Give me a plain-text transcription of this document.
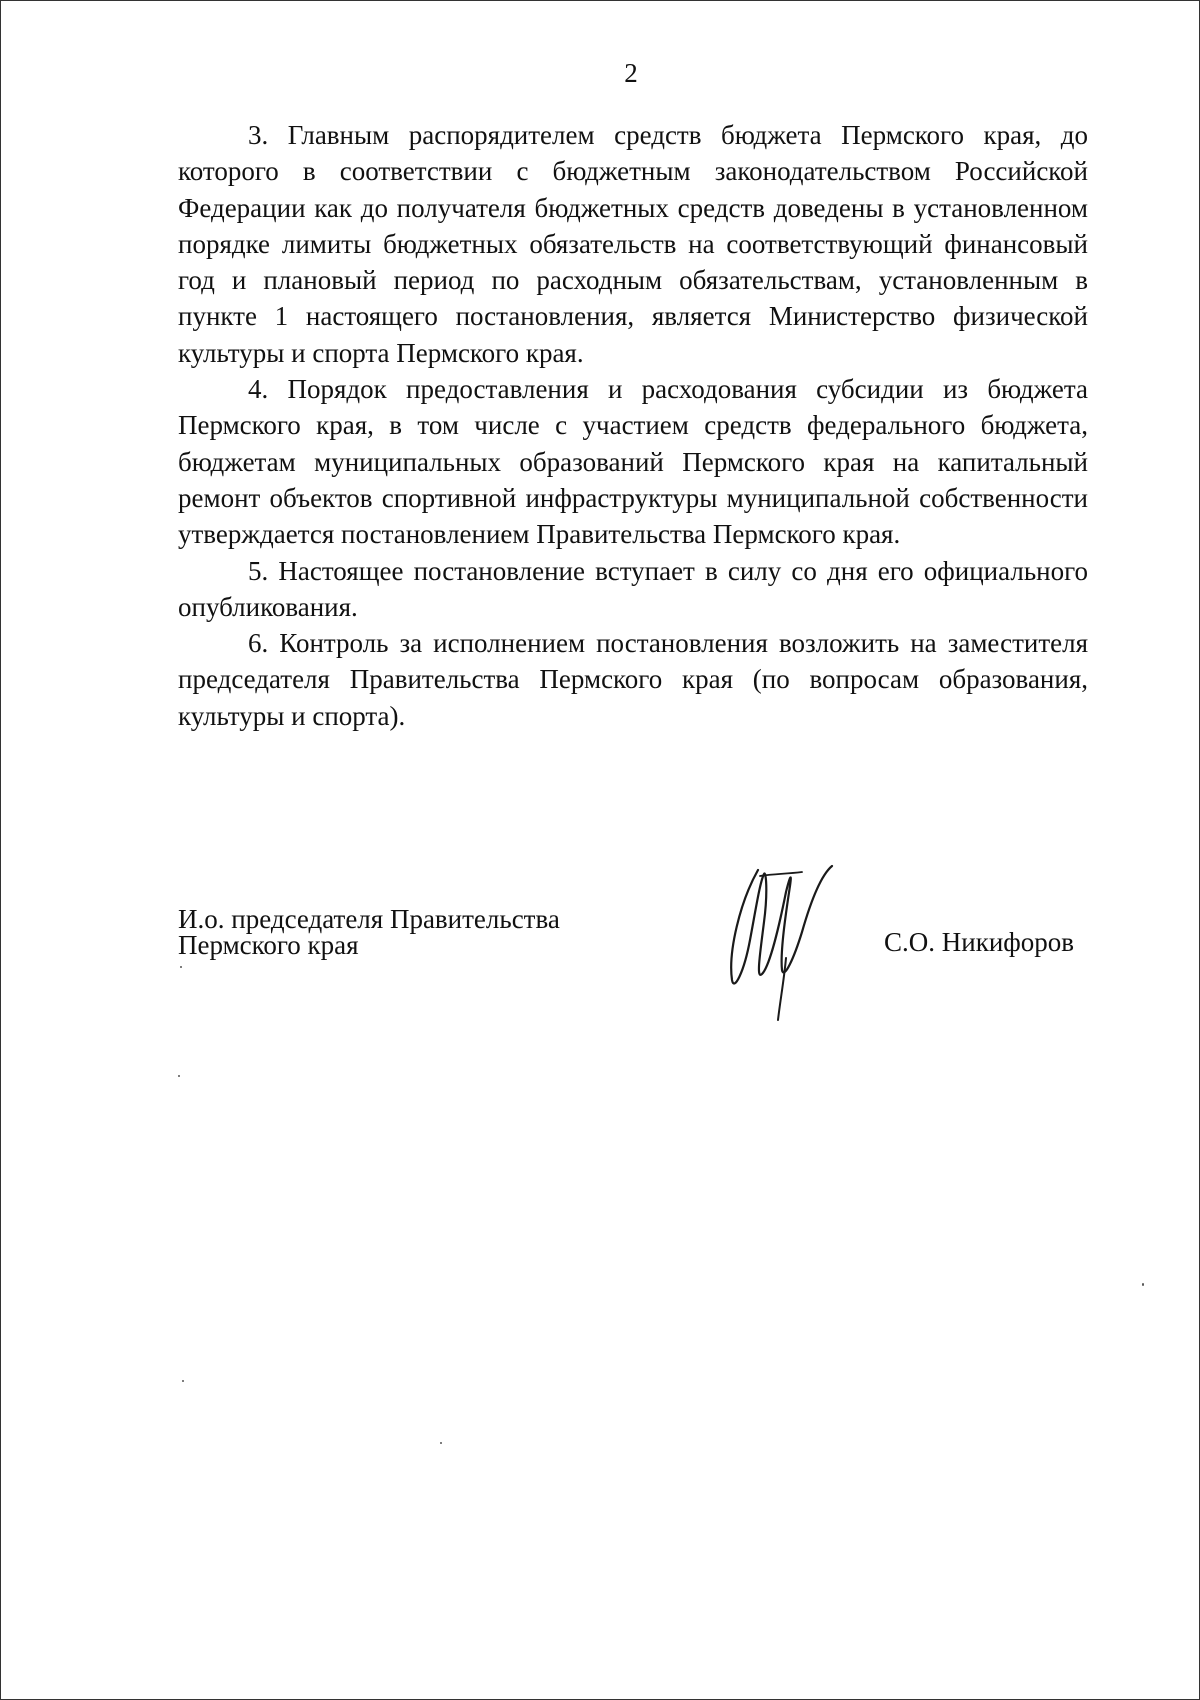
2

3. Главным распорядителем средств бюджета Пермского края, до которого в соответствии с бюджетным законодательством Российской Федерации как до получателя бюджетных средств доведены в установленном порядке лимиты бюджетных обязательств на соответствующий финансовый год и плановый период по расходным обязательствам, установленным в пункте 1 настоящего постановления, является Министерство физической культуры и спорта Пермского края.

4. Порядок предоставления и расходования субсидии из бюджета Пермского края, в том числе с участием средств федерального бюджета, бюджетам муниципальных образований Пермского края на капитальный ремонт объектов спортивной инфраструктуры муниципальной собственности утверждается постановлением Правительства Пермского края.

5. Настоящее постановление вступает в силу со дня его официального опубликования.

6. Контроль за исполнением постановления возложить на заместителя председателя Правительства Пермского края (по вопросам образования, культуры и спорта).

И.о. председателя Правительства
Пермского края	С.О. Никифоров
